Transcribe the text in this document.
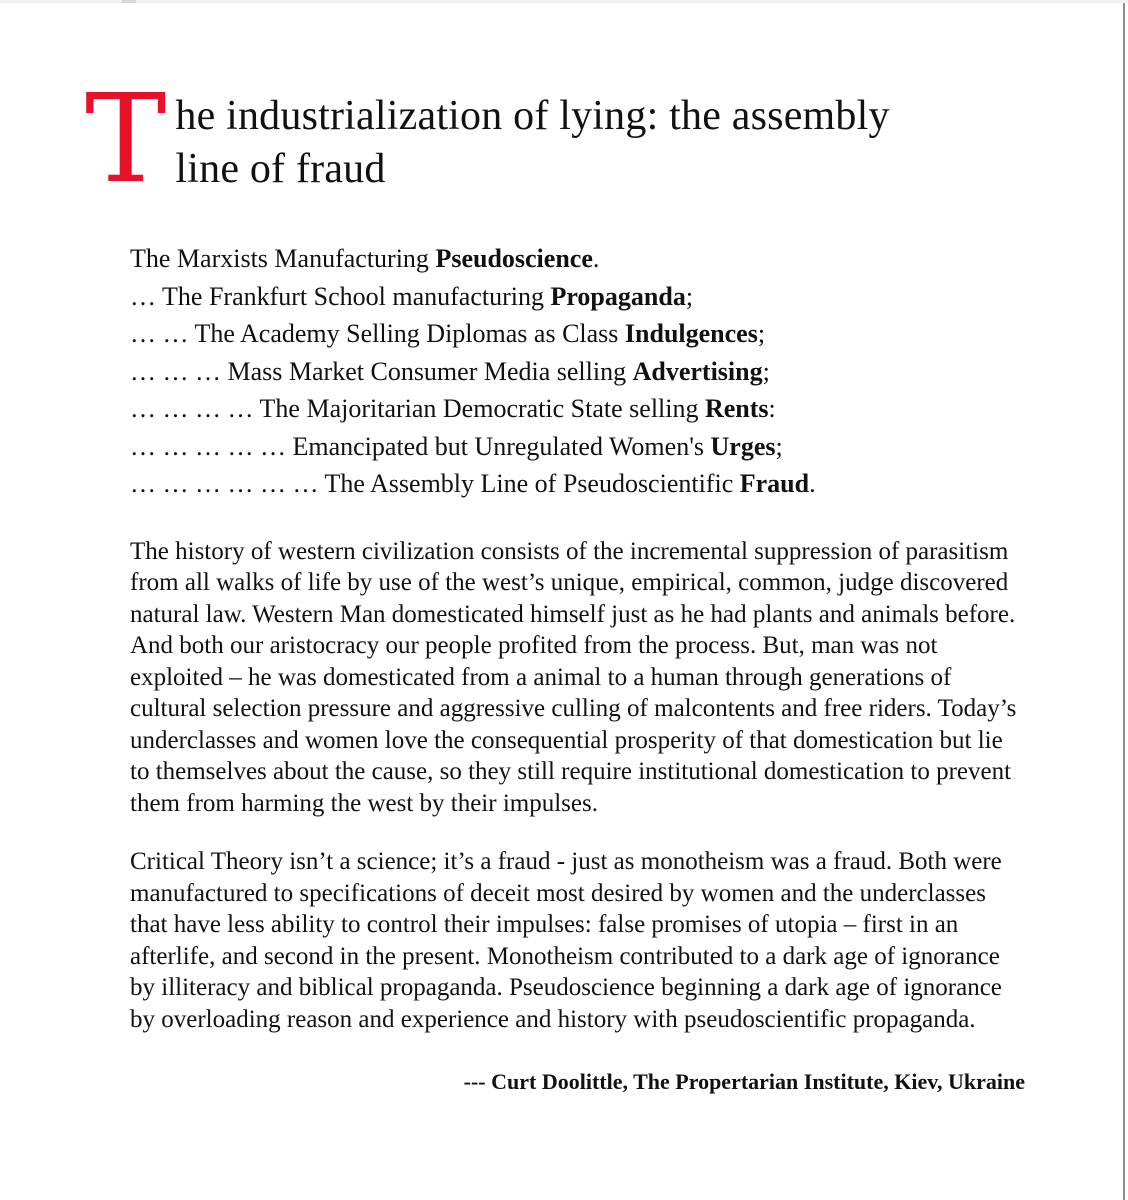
T he industrialization of lying: the assembly
line of fraud
The Marxists Manufacturing Pseudoscience.
… The Frankfurt School manufacturing Propaganda;
… … The Academy Selling Diplomas as Class Indulgences;
… … … Mass Market Consumer Media selling Advertising;
… … … … The Majoritarian Democratic State selling Rents:
… … … … … Emancipated but Unregulated Women's Urges;
… … … … … … The Assembly Line of Pseudoscientific Fraud.
The history of western civilization consists of the incremental suppression of parasitism from all walks of life by use of the west’s unique, empirical, common, judge discovered natural law. Western Man domesticated himself just as he had plants and animals before. And both our aristocracy our people profited from the process. But, man was not exploited – he was domesticated from a animal to a human through generations of cultural selection pressure and aggressive culling of malcontents and free riders. Today’s underclasses and women love the consequential prosperity of that domestication but lie to themselves about the cause, so they still require institutional domestication to prevent them from harming the west by their impulses.
Critical Theory isn’t a science; it’s a fraud - just as monotheism was a fraud. Both were manufactured to specifications of deceit most desired by women and the underclasses that have less ability to control their impulses: false promises of utopia – first in an afterlife, and second in the present. Monotheism contributed to a dark age of ignorance by illiteracy and biblical propaganda. Pseudoscience beginning a dark age of ignorance by overloading reason and experience and history with pseudoscientific propaganda.
--- Curt Doolittle, The Propertarian Institute, Kiev, Ukraine
